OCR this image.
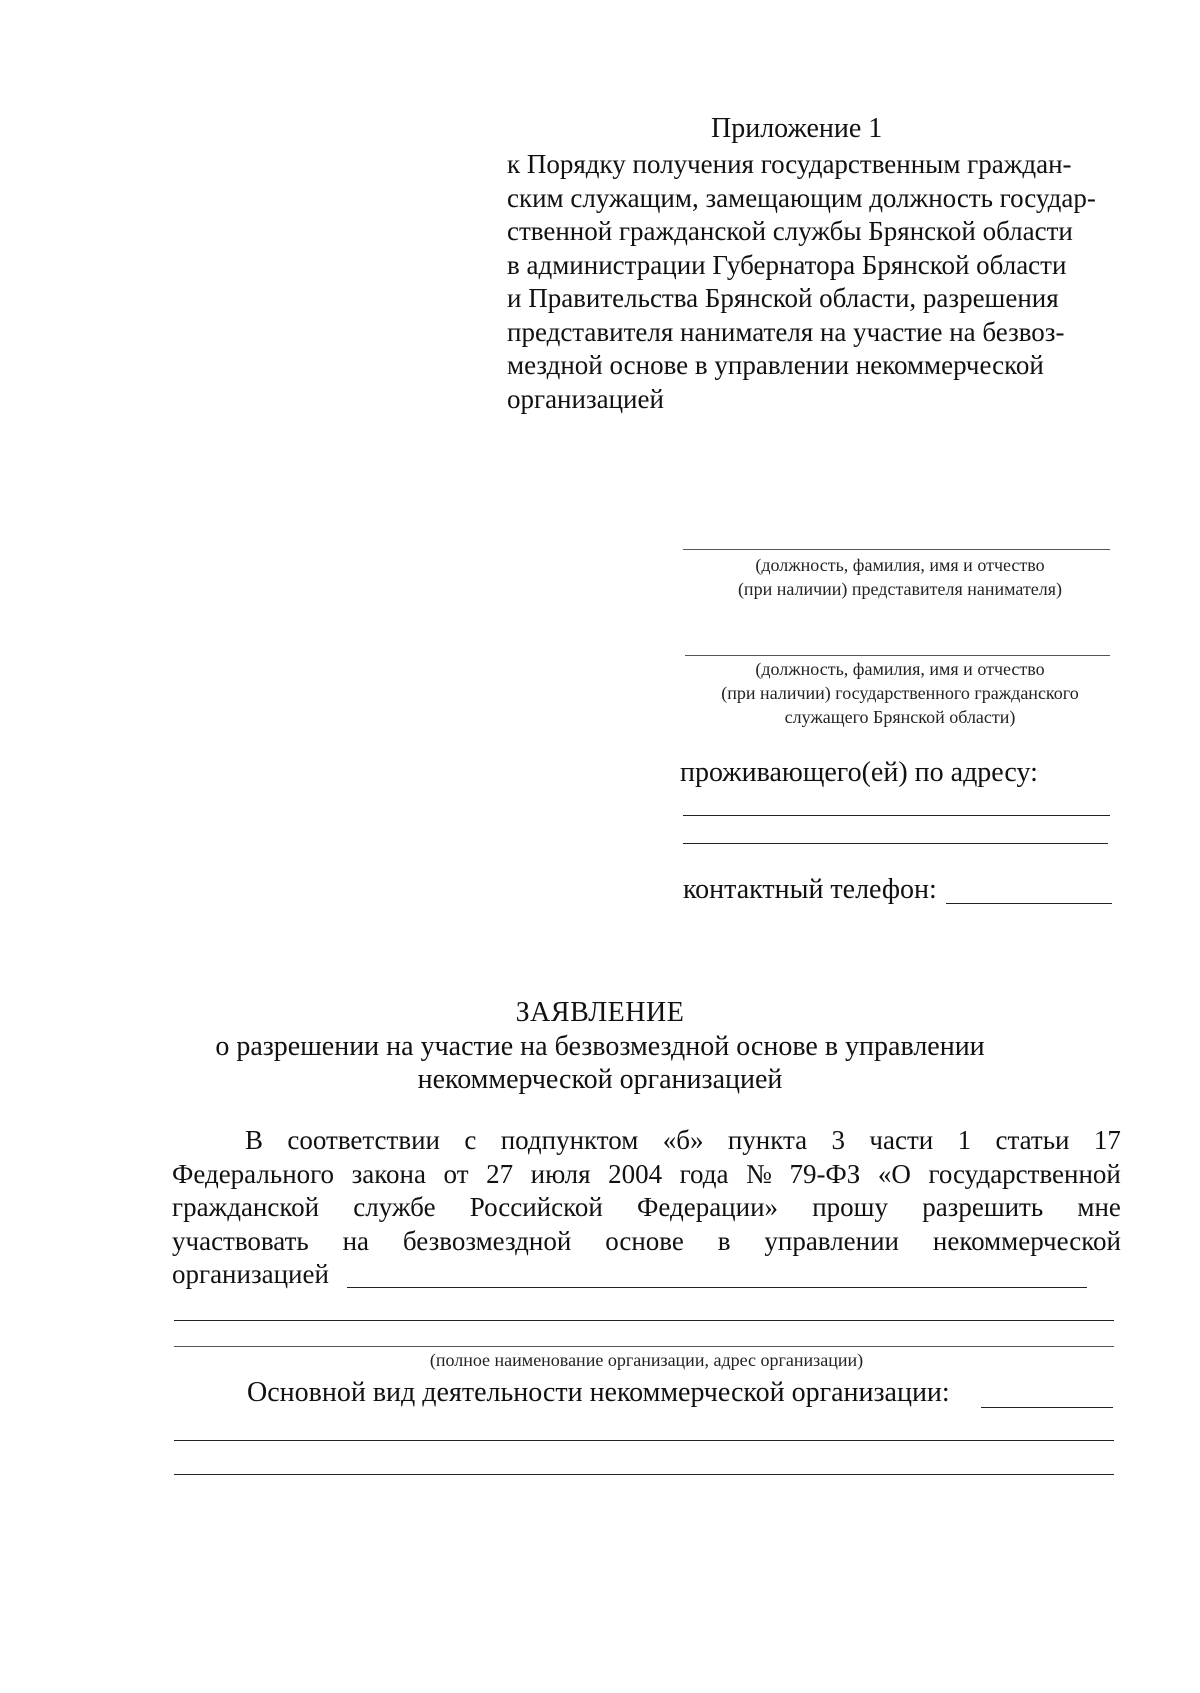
Приложение 1
к Порядку получения государственным граждан-
ским служащим, замещающим должность государ-
ственной гражданской службы Брянской области
в администрации Губернатора Брянской области
и Правительства Брянской области, разрешения
представителя нанимателя на участие на безвоз-
мездной основе в управлении некоммерческой
организацией
(должность, фамилия, имя и отчество
(при наличии) представителя нанимателя)
(должность, фамилия, имя и отчество
(при наличии) государственного гражданского
служащего Брянской области)
проживающего(ей) по адресу:
контактный телефон:
ЗАЯВЛЕНИЕ
о разрешении на участие на безвозмездной основе в управлении
некоммерческой организацией
В соответствии с подпунктом «б» пункта 3 части 1 статьи 17
Федерального закона от 27 июля 2004 года № 79-ФЗ «О государственной
гражданской службе Российской Федерации» прошу разрешить мне
участвовать на безвозмездной основе в управлении некоммерческой
организацией
(полное наименование организации, адрес организации)
Основной вид деятельности некоммерческой организации:
